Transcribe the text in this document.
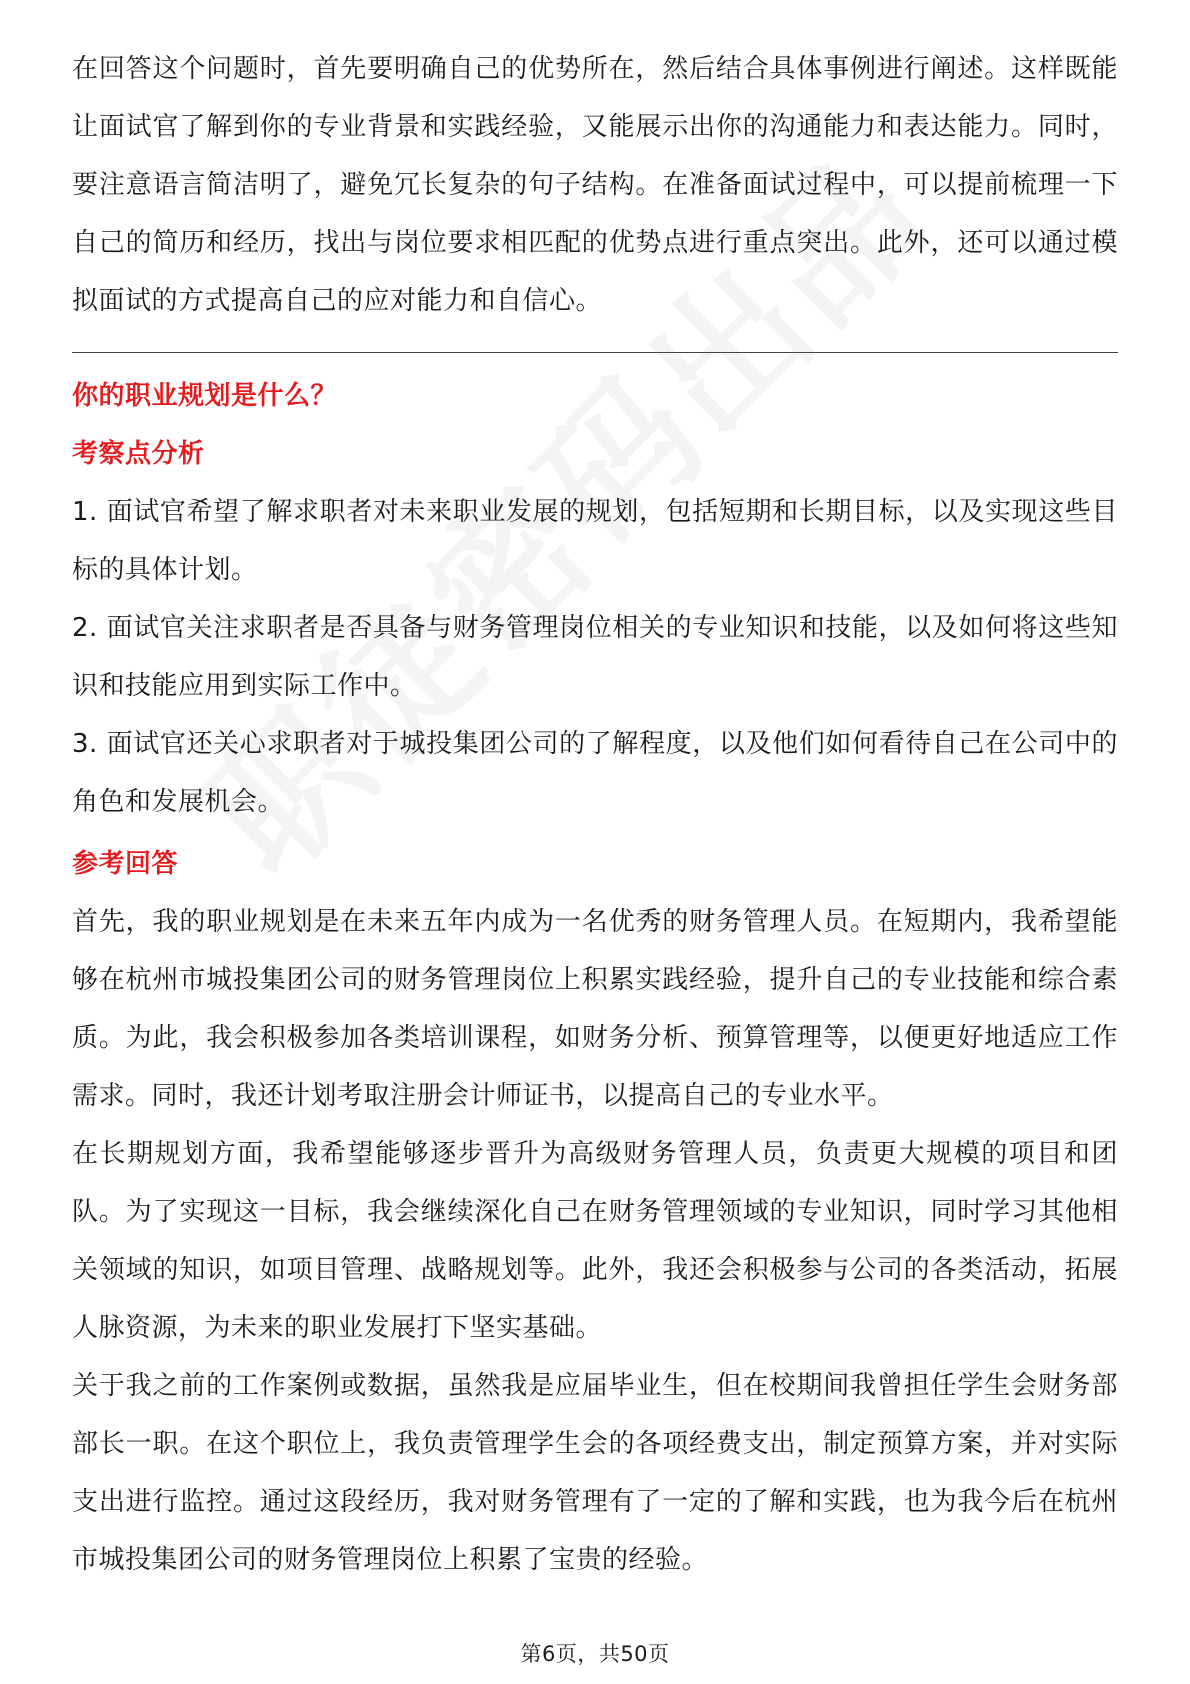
在回答这个问题时，首先要明确自己的优势所在，然后结合具体事例进行阐述。这样既能让面试官了解到你的专业背景和实践经验，又能展示出你的沟通能力和表达能力。同时，要注意语言简洁明了，避免冗长复杂的句子结构。在准备面试过程中，可以提前梳理一下自己的简历和经历，找出与岗位要求相匹配的优势点进行重点突出。此外，还可以通过模拟面试的方式提高自己的应对能力和自信心。

你的职业规划是什么？
考察点分析

1. 面试官希望了解求职者对未来职业发展的规划，包括短期和长期目标，以及实现这些目标的具体计划。

2. 面试官关注求职者是否具备与财务管理岗位相关的专业知识和技能，以及如何将这些知识和技能应用到实际工作中。

3. 面试官还关心求职者对于城投集团公司的了解程度，以及他们如何看待自己在公司中的角色和发展机会。

参考回答

首先，我的职业规划是在未来五年内成为一名优秀的财务管理人员。在短期内，我希望能够在杭州市城投集团公司的财务管理岗位上积累实践经验，提升自己的专业技能和综合素质。为此，我会积极参加各类培训课程，如财务分析、预算管理等，以便更好地适应工作需求。同时，我还计划考取注册会计师证书，以提高自己的专业水平。

在长期规划方面，我希望能够逐步晋升为高级财务管理人员，负责更大规模的项目和团队。为了实现这一目标，我会继续深化自己在财务管理领域的专业知识，同时学习其他相关领域的知识，如项目管理、战略规划等。此外，我还会积极参与公司的各类活动，拓展人脉资源，为未来的职业发展打下坚实基础。

关于我之前的工作案例或数据，虽然我是应届毕业生，但在校期间我曾担任学生会财务部部长一职。在这个职位上，我负责管理学生会的各项经费支出，制定预算方案，并对实际支出进行监控。通过这段经历，我对财务管理有了一定的了解和实践，也为我今后在杭州市城投集团公司的财务管理岗位上积累了宝贵的经验。

第6页，共50页
